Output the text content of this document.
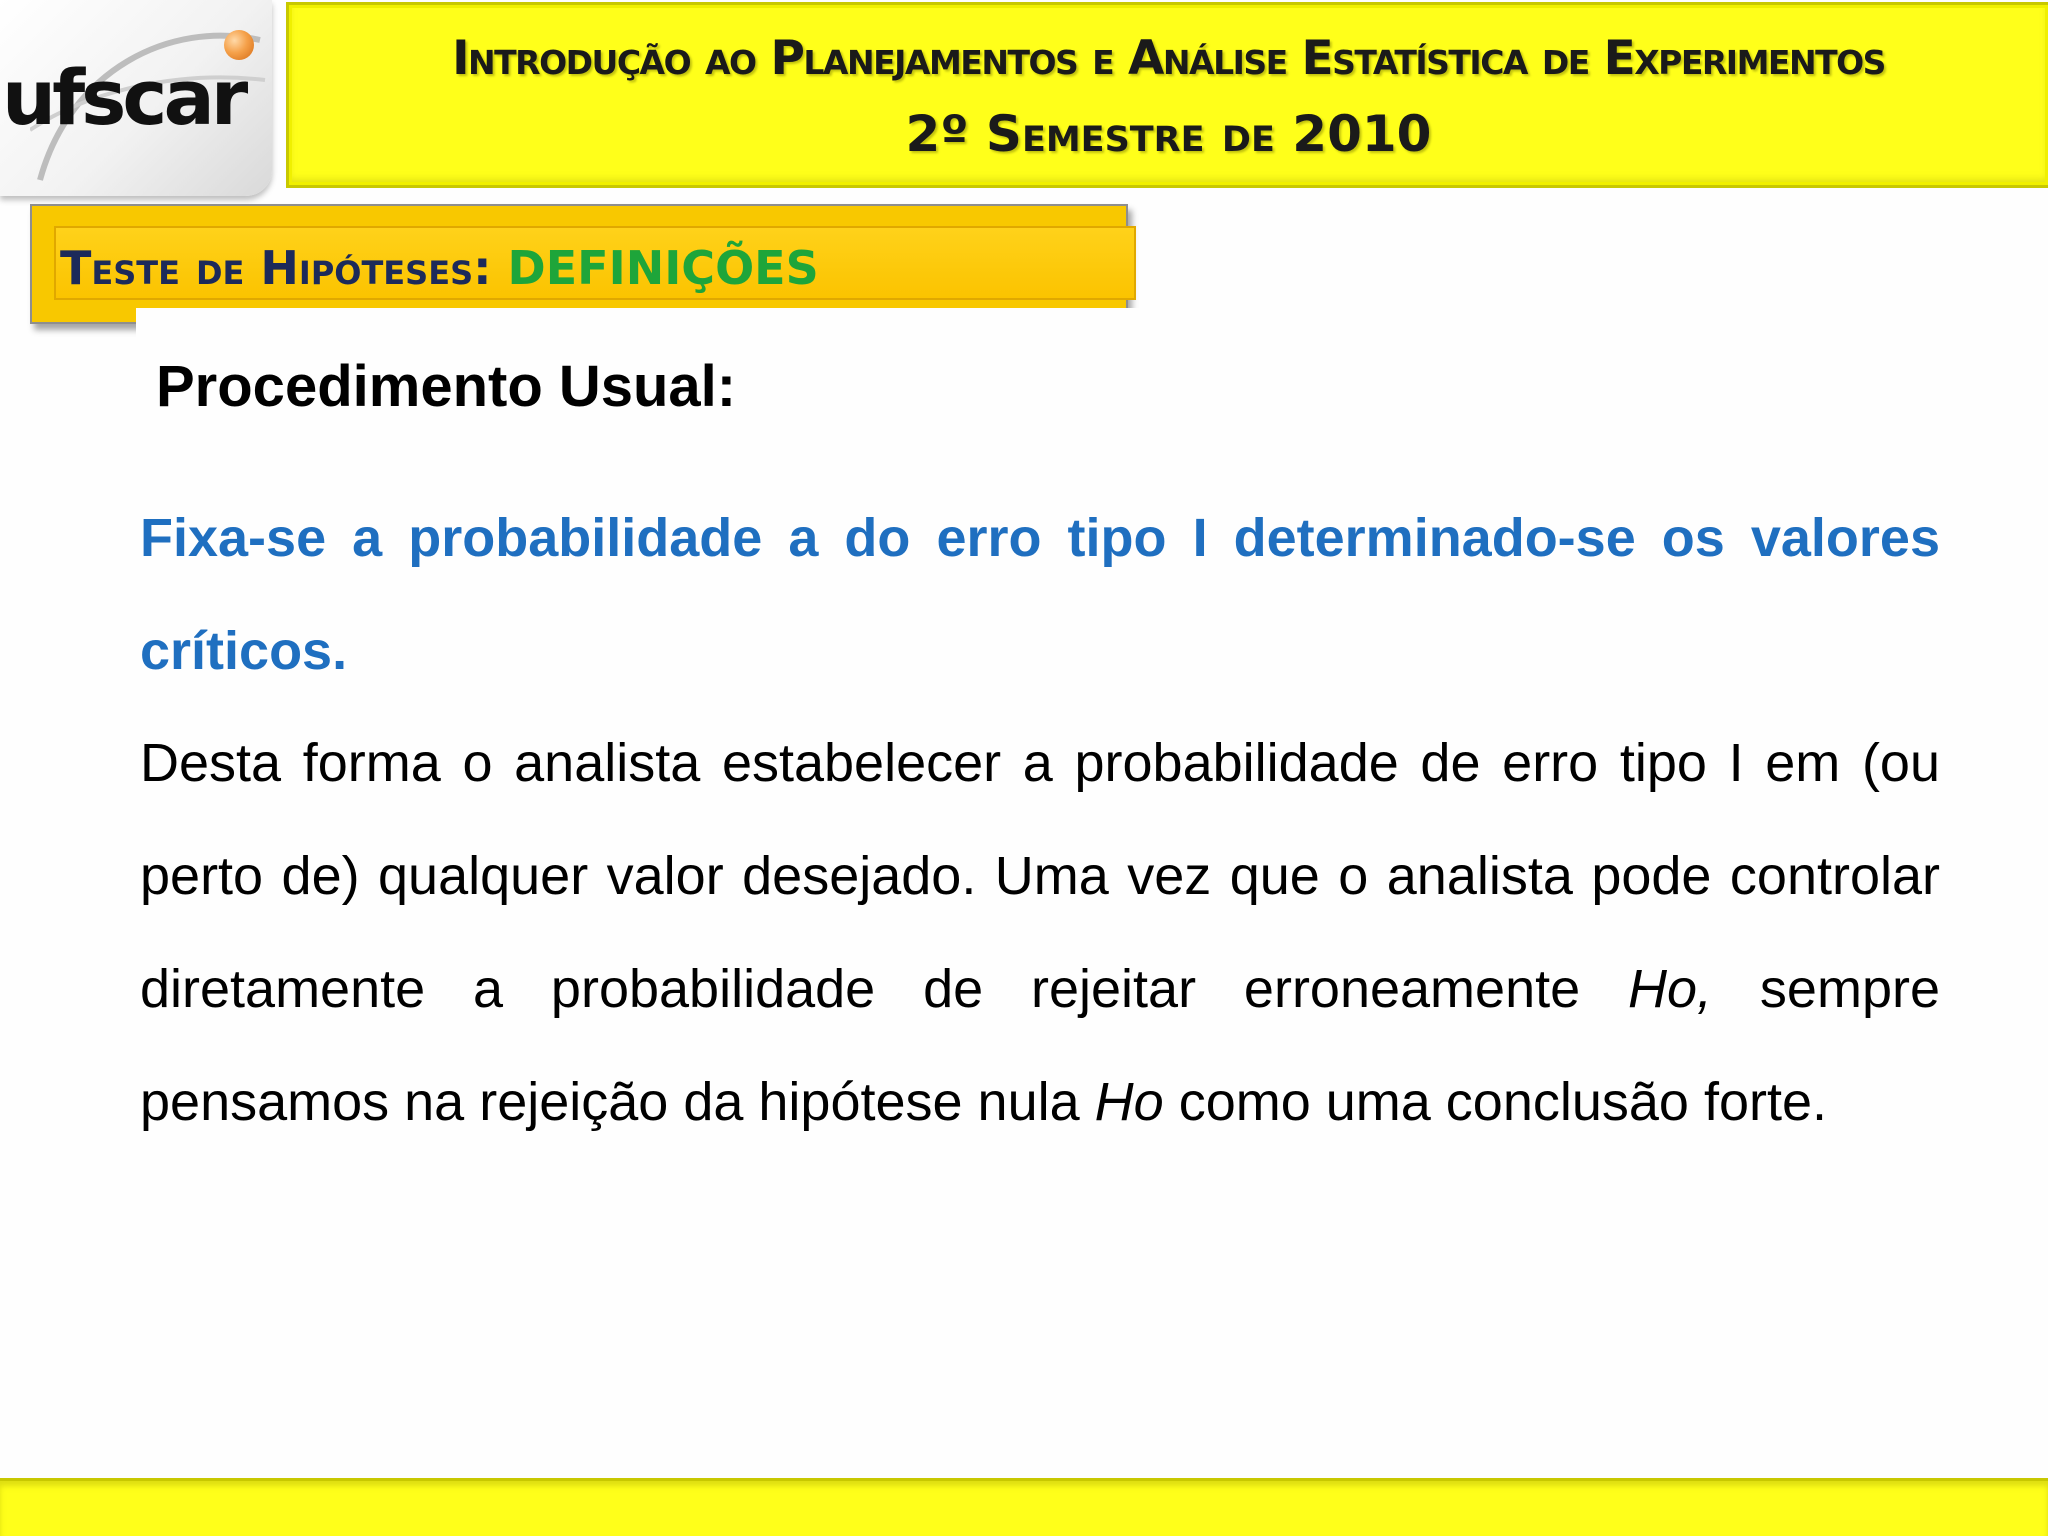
ufscar	Introdução ao Planejamentos e Análise Estatística de Experimentos
2º Semestre de 2010
Teste de Hipóteses: DEFINIÇÕES
Procedimento Usual:
Fixa-se a probabilidade a do erro tipo I determinado-se os valores críticos.
Desta forma o analista estabelecer a probabilidade de erro tipo I em (ou perto de) qualquer valor desejado. Uma vez que o analista pode controlar diretamente a probabilidade de rejeitar erroneamente Ho, sempre pensamos na rejeição da hipótese nula Ho como uma conclusão forte.
